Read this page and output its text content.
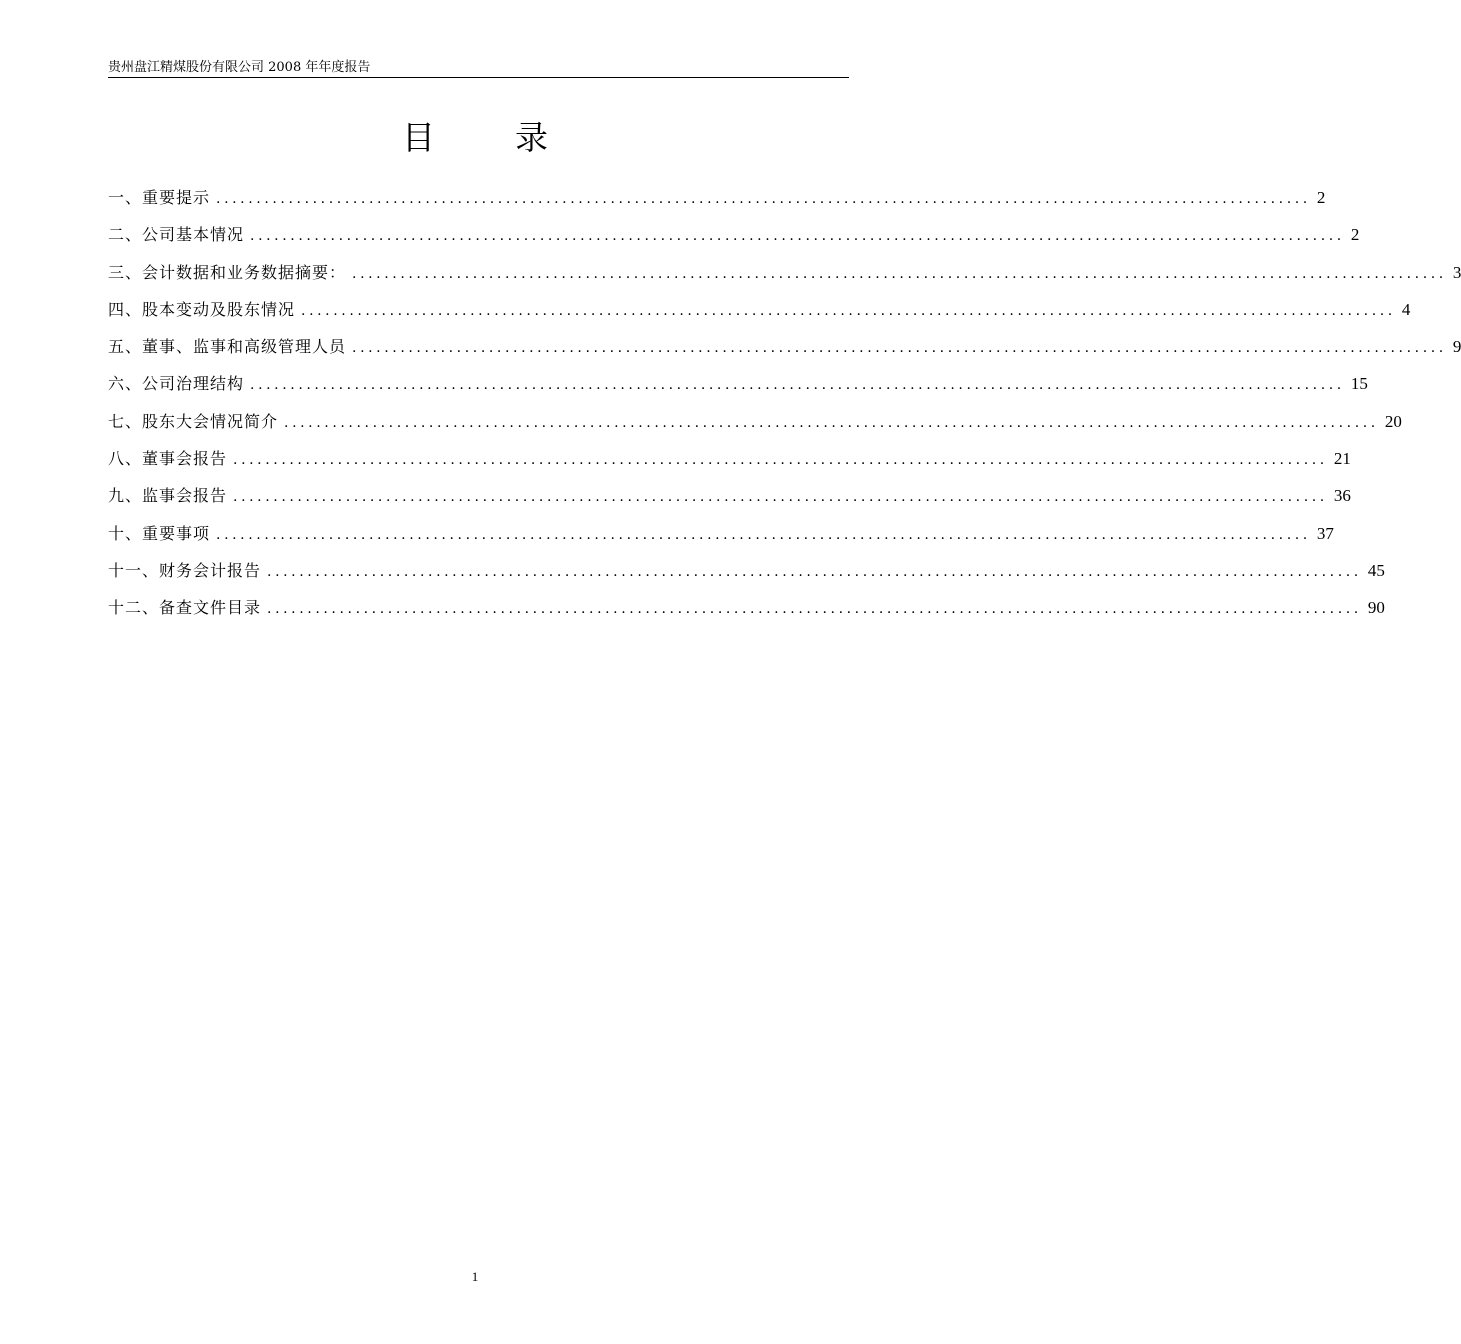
贵州盘江精煤股份有限公司 2008 年年度报告
目录
一、重要提示 ........................................................................................................................................ 2
二、公司基本情况 ........................................................................................................................................ 2
三、会计数据和业务数据摘要： ........................................................................................................................................ 3
四、股本变动及股东情况 ........................................................................................................................................ 4
五、董事、监事和高级管理人员 ........................................................................................................................................ 9
六、公司治理结构 ........................................................................................................................................ 15
七、股东大会情况简介 ........................................................................................................................................ 20
八、董事会报告 ........................................................................................................................................ 21
九、监事会报告 ........................................................................................................................................ 36
十、重要事项 ........................................................................................................................................ 37
十一、财务会计报告 ........................................................................................................................................ 45
十二、备查文件目录 ........................................................................................................................................ 90
1
